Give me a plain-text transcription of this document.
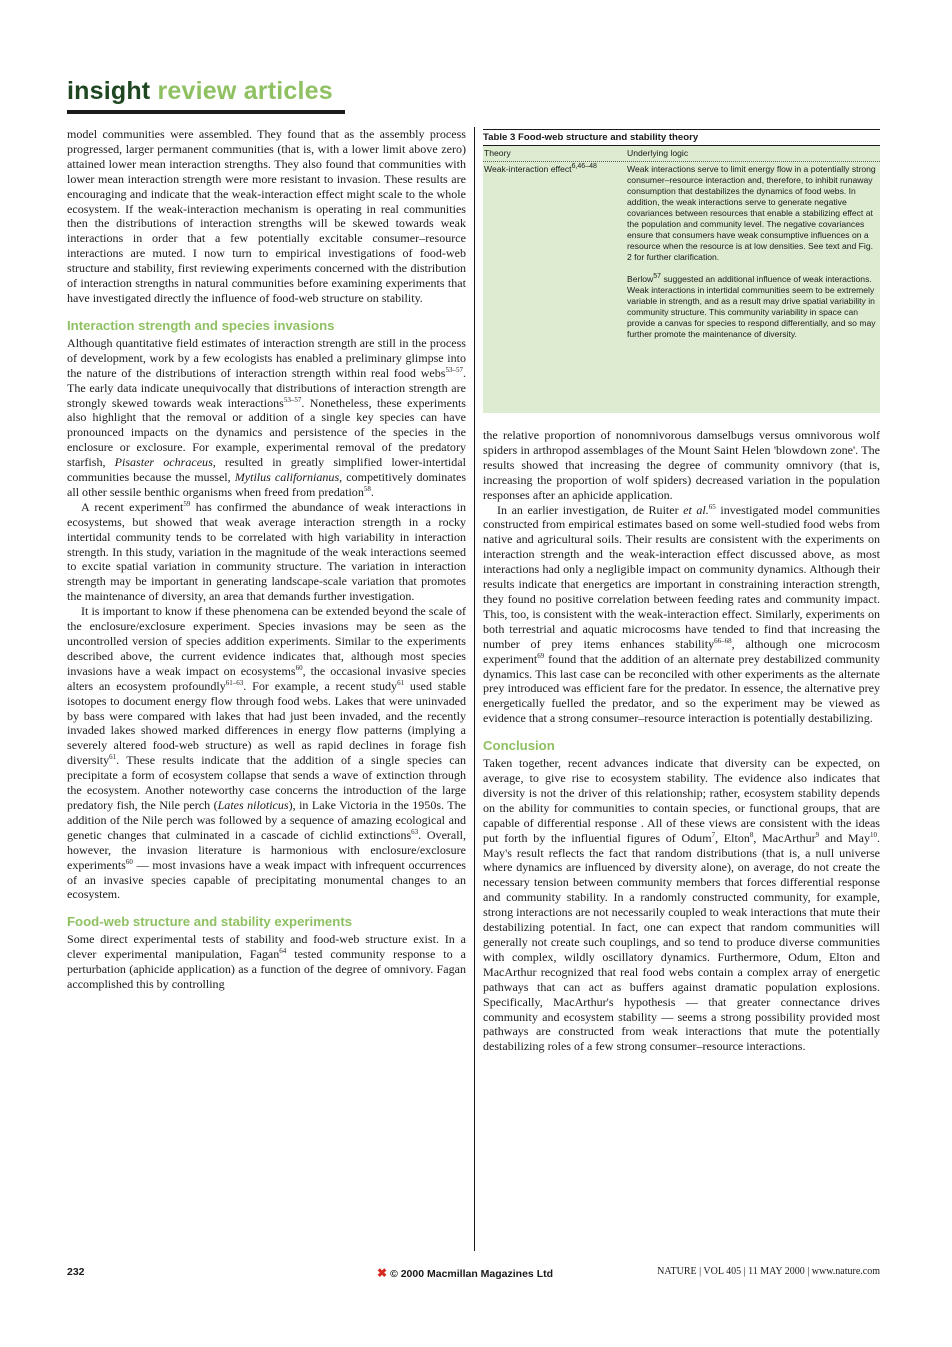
insight review articles

model communities were assembled. They found that as the assembly process progressed, larger permanent communities (that is, with a lower limit above zero) attained lower mean interaction strengths. They also found that communities with lower mean interaction strength were more resistant to invasion. These results are encouraging and indicate that the weak-interaction effect might scale to the whole ecosystem. If the weak-interaction mechanism is operating in real communities then the distributions of interaction strengths will be skewed towards weak interactions in order that a few potentially excitable consumer–resource interactions are muted. I now turn to empirical investigations of food-web structure and stability, first reviewing experiments concerned with the distribution of interaction strengths in natural communities before examining experiments that have investigated directly the influence of food-web structure on stability.

Interaction strength and species invasions

Although quantitative field estimates of interaction strength are still in the process of development, work by a few ecologists has enabled a preliminary glimpse into the nature of the distributions of interaction strength within real food webs$^{53-57}$. The early data indicate unequivocally that distributions of interaction strength are strongly skewed towards weak interactions$^{53-57}$. Nonetheless, these experiments also highlight that the removal or addition of a single key species can have pronounced impacts on the dynamics and persistence of the species in the enclosure or exclosure. For example, experimental removal of the predatory starfish, Pisaster ochraceus, resulted in greatly simplified lower-intertidal communities because the mussel, Mytilus californianus, competitively dominates all other sessile benthic organisms when freed from predation$^{58}$.

A recent experiment$^{59}$ has confirmed the abundance of weak interactions in ecosystems, but showed that weak average interaction strength in a rocky intertidal community tends to be correlated with high variability in interaction strength. In this study, variation in the magnitude of the weak interactions seemed to excite spatial variation in community structure. The variation in interaction strength may be important in generating landscape-scale variation that promotes the maintenance of diversity, an area that demands further investigation.

It is important to know if these phenomena can be extended beyond the scale of the enclosure/exclosure experiment. Species invasions may be seen as the uncontrolled version of species addition experiments. Similar to the experiments described above, the current evidence indicates that, although most species invasions have a weak impact on ecosystems$^{60}$, the occasional invasive species alters an ecosystem profoundly$^{61-63}$. For example, a recent study$^{61}$ used stable isotopes to document energy flow through food webs. Lakes that were uninvaded by bass were compared with lakes that had just been invaded, and the recently invaded lakes showed marked differences in energy flow patterns (implying a severely altered food-web structure) as well as rapid declines in forage fish diversity$^{61}$. These results indicate that the addition of a single species can precipitate a form of ecosystem collapse that sends a wave of extinction through the ecosystem. Another noteworthy case concerns the introduction of the large predatory fish, the Nile perch (Lates niloticus), in Lake Victoria in the 1950s. The addition of the Nile perch was followed by a sequence of amazing ecological and genetic changes that culminated in a cascade of cichlid extinctions$^{63}$. Overall, however, the invasion literature is harmonious with enclosure/exclosure experiments$^{60}$ — most invasions have a weak impact with infrequent occurrences of an invasive species capable of precipitating monumental changes to an ecosystem.

Food-web structure and stability experiments

Some direct experimental tests of stability and food-web structure exist. In a clever experimental manipulation, Fagan$^{64}$ tested community response to a perturbation (aphicide application) as a function of the degree of omnivory. Fagan accomplished this by controlling

Table 3 Food-web structure and stability theory
Theory	Underlying logic
Weak-interaction effect$^{6,46-48}$	Weak interactions serve to limit energy flow in a potentially strong consumer–resource interaction and, therefore, to inhibit runaway consumption that destabilizes the dynamics of food webs. In addition, the weak interactions serve to generate negative covariances between resources that enable a stabilizing effect at the population and community level. The negative covariances ensure that consumers have weak consumptive influences on a resource when the resource is at low densities. See text and Fig. 2 for further clarification.

Berlow$^{57}$ suggested an additional influence of weak interactions. Weak interactions in intertidal communities seem to be extremely variable in strength, and as a result may drive spatial variability in community structure. This community variability in space can provide a canvas for species to respond differentially, and so may further promote the maintenance of diversity.

the relative proportion of nonomnivorous damselbugs versus omnivorous wolf spiders in arthropod assemblages of the Mount Saint Helen 'blowdown zone'. The results showed that increasing the degree of community omnivory (that is, increasing the proportion of wolf spiders) decreased variation in the population responses after an aphicide application.

In an earlier investigation, de Ruiter et al.$^{65}$ investigated model communities constructed from empirical estimates based on some well-studied food webs from native and agricultural soils. Their results are consistent with the experiments on interaction strength and the weak-interaction effect discussed above, as most interactions had only a negligible impact on community dynamics. Although their results indicate that energetics are important in constraining interaction strength, they found no positive correlation between feeding rates and community impact. This, too, is consistent with the weak-interaction effect. Similarly, experiments on both terrestrial and aquatic microcosms have tended to find that increasing the number of prey items enhances stability$^{66-68}$, although one microcosm experiment$^{69}$ found that the addition of an alternate prey destabilized community dynamics. This last case can be reconciled with other experiments as the alternate prey introduced was efficient fare for the predator. In essence, the alternative prey energetically fuelled the predator, and so the experiment may be viewed as evidence that a strong consumer–resource interaction is potentially destabilizing.

Conclusion

Taken together, recent advances indicate that diversity can be expected, on average, to give rise to ecosystem stability. The evidence also indicates that diversity is not the driver of this relationship; rather, ecosystem stability depends on the ability for communities to contain species, or functional groups, that are capable of differential response . All of these views are consistent with the ideas put forth by the influential figures of Odum$^7$, Elton$^8$, MacArthur$^9$ and May$^{10}$. May's result reflects the fact that random distributions (that is, a null universe where dynamics are influenced by diversity alone), on average, do not create the necessary tension between community members that forces differential response and community stability. In a randomly constructed community, for example, strong interactions are not necessarily coupled to weak interactions that mute their destabilizing potential. In fact, one can expect that random communities will generally not create such couplings, and so tend to produce diverse communities with complex, wildly oscillatory dynamics. Furthermore, Odum, Elton and MacArthur recognized that real food webs contain a complex array of energetic pathways that can act as buffers against dramatic population explosions. Specifically, MacArthur's hypothesis — that greater connectance drives community and ecosystem stability — seems a strong possibility provided most pathways are constructed from weak interactions that mute the potentially destabilizing roles of a few strong consumer–resource interactions.

232	✖ © 2000 Macmillan Magazines Ltd	NATURE | VOL 405 | 11 MAY 2000 | www.nature.com
